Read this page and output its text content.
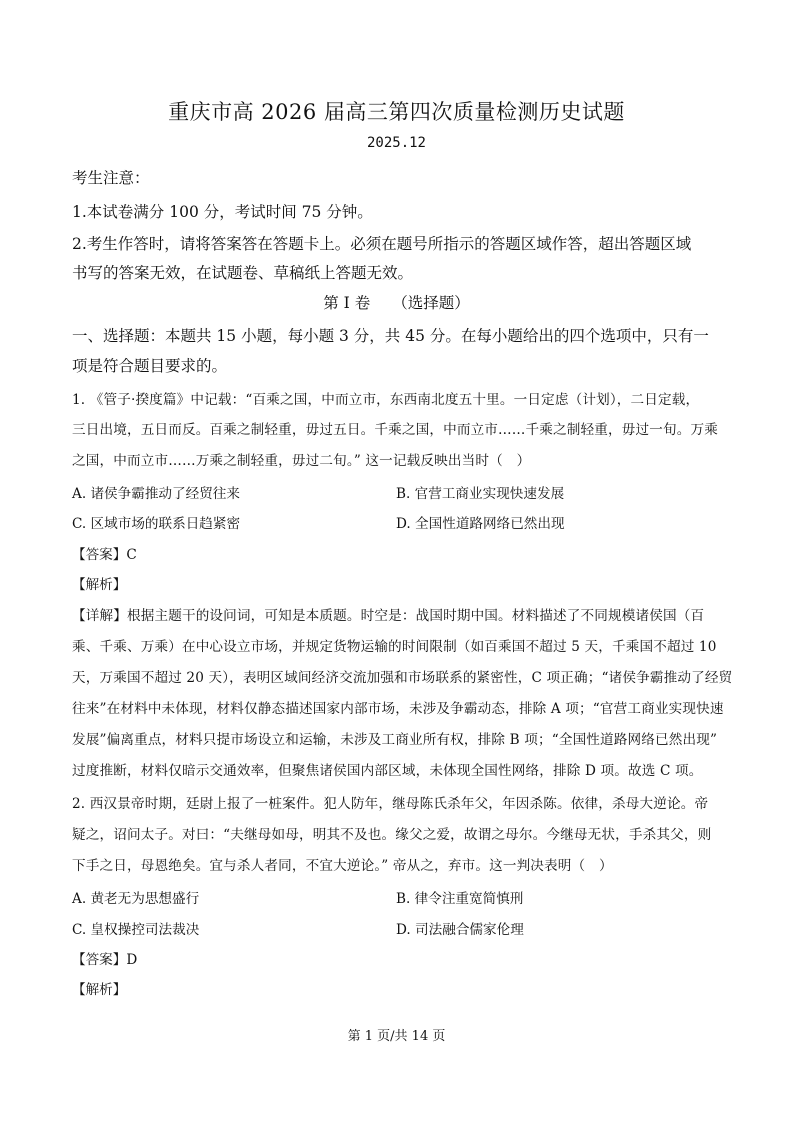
重庆市高 2026 届高三第四次质量检测历史试题
2025.12
考生注意：
1.本试卷满分 100 分，考试时间 75 分钟。
2.考生作答时，请将答案答在答题卡上。必须在题号所指示的答题区域作答，超出答题区域
书写的答案无效，在试题卷、草稿纸上答题无效。
第 I 卷 （选择题）
一、选择题：本题共 15 小题，每小题 3 分，共 45 分。在每小题给出的四个选项中，只有一
项是符合题目要求的。
1. 《管子·揆度篇》中记载：“百乘之国，中而立市，东西南北度五十里。一日定虑（计划），二日定载，
三日出境，五日而反。百乘之制轻重，毋过五日。千乘之国，中而立市……千乘之制轻重，毋过一旬。万乘
之国，中而立市……万乘之制轻重，毋过二旬。” 这一记载反映出当时（　）
A. 诸侯争霸推动了经贸往来	B. 官营工商业实现快速发展
C. 区域市场的联系日趋紧密	D. 全国性道路网络已然出现
【答案】C
【解析】
【详解】根据主题干的设问词，可知是本质题。时空是：战国时期中国。材料描述了不同规模诸侯国（百
乘、千乘、万乘）在中心设立市场，并规定货物运输的时间限制（如百乘国不超过 5 天，千乘国不超过 10
天，万乘国不超过 20 天），表明区域间经济交流加强和市场联系的紧密性，C 项正确；“诸侯争霸推动了经贸
往来”在材料中未体现，材料仅静态描述国家内部市场，未涉及争霸动态，排除 A 项；“官营工商业实现快速
发展”偏离重点，材料只提市场设立和运输，未涉及工商业所有权，排除 B 项；“全国性道路网络已然出现”
过度推断，材料仅暗示交通效率，但聚焦诸侯国内部区域，未体现全国性网络，排除 D 项。故选 C 项。
2. 西汉景帝时期，廷尉上报了一桩案件。犯人防年，继母陈氏杀年父，年因杀陈。依律，杀母大逆论。帝
疑之，诏问太子。对曰：“夫继母如母，明其不及也。缘父之爱，故谓之母尔。今继母无状，手杀其父，则
下手之日，母恩绝矣。宜与杀人者同，不宜大逆论。” 帝从之，弃市。这一判决表明（　）
A. 黄老无为思想盛行	B. 律令注重宽简慎刑
C. 皇权操控司法裁决	D. 司法融合儒家伦理
【答案】D
【解析】
第 1 页/共 14 页
